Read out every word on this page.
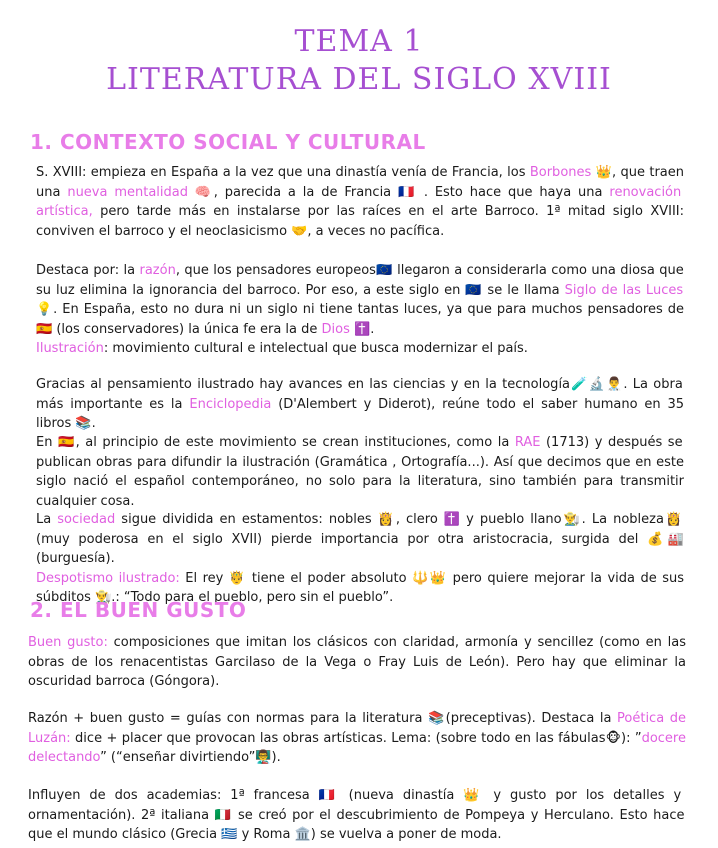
TEMA 1
LITERATURA DEL SIGLO XVIII
1. CONTEXTO SOCIAL Y CULTURAL

S. XVIII: empieza en España a la vez que una dinastía venía de Francia, los Borbones 👑, que traen una nueva mentalidad 🧠, parecida a la de Francia 🇫🇷 . Esto hace que haya una renovación artística, pero tarde más en instalarse por las raíces en el arte Barroco. 1ª mitad siglo XVIII: conviven el barroco y el neoclasicismo 🤝, a veces no pacífica.

Destaca por: la razón, que los pensadores europeos🇪🇺 llegaron a considerarla como una diosa que su luz elimina la ignorancia del barroco. Por eso, a este siglo en 🇪🇺 se le llama Siglo de las Luces 💡. En España, esto no dura ni un siglo ni tiene tantas luces, ya que para muchos pensadores de 🇪🇸 (los conservadores) la única fe era la de Dios ✝️.
Ilustración: movimiento cultural e intelectual que busca modernizar el país.

Gracias al pensamiento ilustrado hay avances en las ciencias y en la tecnología🧪🔬👨‍⚕️. La obra más importante es la Enciclopedia (D'Alembert y Diderot), reúne todo el saber humano en 35 libros 📚.

En 🇪🇸, al principio de este movimiento se crean instituciones, como la RAE (1713) y después se publican obras para difundir la ilustración (Gramática , Ortografía...). Así que decimos que en este siglo nació el español contemporáneo, no solo para la literatura, sino también para transmitir cualquier cosa.

La sociedad sigue dividida en estamentos: nobles 👸, clero ✝️ y pueblo llano👨‍🌾. La nobleza👸 (muy poderosa en el siglo XVII) pierde importancia por otra aristocracia, surgida del 💰🏭 (burguesía).
Despotismo ilustrado: El rey 🤴 tiene el poder absoluto 🔱👑 pero quiere mejorar la vida de sus súbditos 👨‍🌾.: “Todo para el pueblo, pero sin el pueblo”.

2. EL BUEN GUSTO

Buen gusto: composiciones que imitan los clásicos con claridad, armonía y sencillez (como en las obras de los renacentistas Garcilaso de la Vega o Fray Luis de León). Pero hay que eliminar la oscuridad barroca (Góngora).

Razón + buen gusto = guías con normas para la literatura 📚(preceptivas). Destaca la Poética de Luzán: dice + placer que provocan las obras artísticas. Lema: (sobre todo en las fábulas🐵): ”docere delectando” (“enseñar divirtiendo”👨‍🏫).

Influyen de dos academias: 1ª francesa 🇫🇷 (nueva dinastía 👑 y gusto por los detalles y ornamentación). 2ª italiana 🇮🇹 se creó por el descubrimiento de Pompeya y Herculano. Esto hace que el mundo clásico (Grecia 🇬🇷 y Roma 🏛️) se vuelva a poner de moda.
